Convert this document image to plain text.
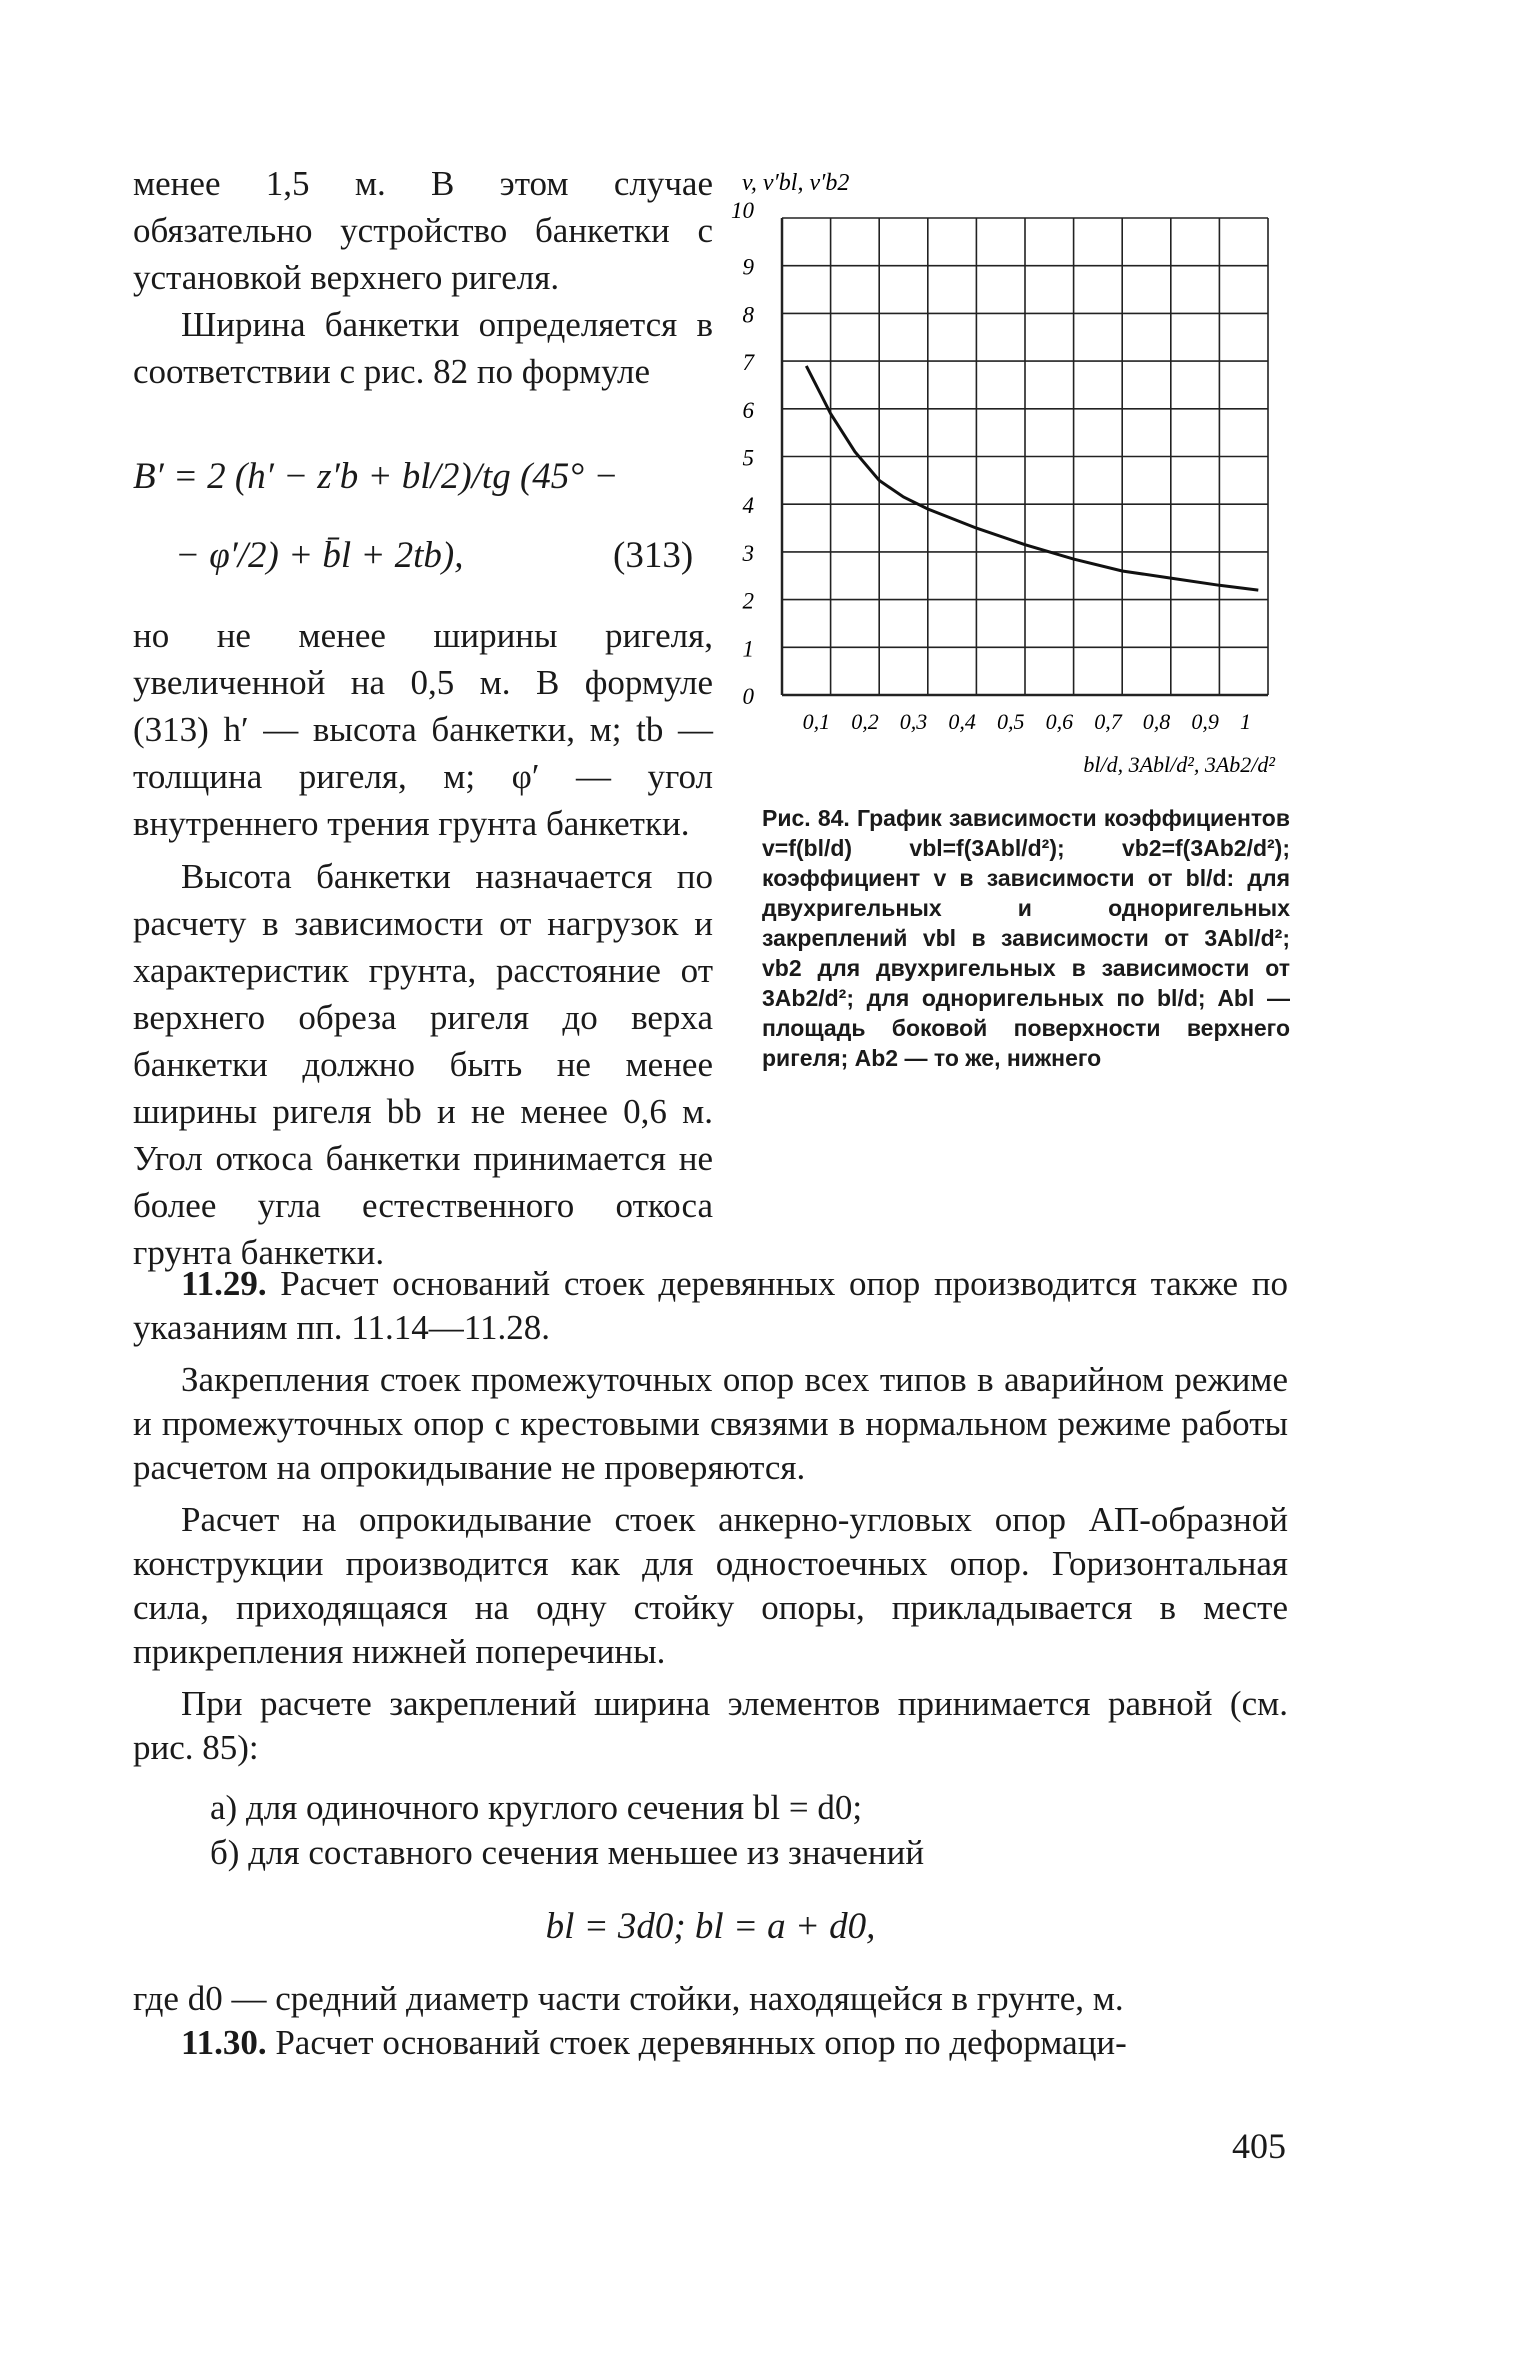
менее 1,5 м. В этом случае обязательно устройство банкетки с установкой верхнего ригеля.

Ширина банкетки определяется в соответствии с рис. 82 по формуле

B′ = 2 (h′ − z′b + bl/2)/tg (45° −
− φ′/2) + b̄l + 2tb),	(313)

но не менее ширины ригеля, увеличенной на 0,5 м. В формуле (313) h′ — высота банкетки, м; tb — толщина ригеля, м; φ′ — угол внутреннего трения грунта банкетки.

Высота банкетки назначается по расчету в зависимости от нагрузок и характеристик грунта, расстояние от верхнего обреза ригеля до верха банкетки должно быть не менее ширины ригеля bb и не менее 0,6 м. Угол откоса банкетки принимается не более угла естественного откоса грунта банкетки.

v, v′bl, v′b2
bl/d, 3Abl/d², 3Ab2/d²
0
1
2
3
4
5
6
7
8
9
10
0,1 0,2 0,3 0,4 0,5 0,6 0,7 0,8 0,9 1

Рис. 84. График зависимости коэффициентов v=f(bl/d) vbl=f(3Abl/d²); vb2=f(3Ab2/d²); коэффициент v в зависимости от bl/d: для двухригельных и одноригельных закреплений vbl в зависимости от 3Abl/d²; vb2 для двухригельных в зависимости от 3Ab2/d²; для одноригельных по bl/d; Abl — площадь боковой поверхности верхнего ригеля; Ab2 — то же, нижнего

11.29. Расчет оснований стоек деревянных опор производится также по указаниям пп. 11.14—11.28.

Закрепления стоек промежуточных опор всех типов в аварийном режиме и промежуточных опор с крестовыми связями в нормальном режиме работы расчетом на опрокидывание не проверяются.

Расчет на опрокидывание стоек анкерно-угловых опор АП-образной конструкции производится как для одностоечных опор. Горизонтальная сила, приходящаяся на одну стойку опоры, прикладывается в месте прикрепления нижней поперечины.

При расчете закреплений ширина элементов принимается равной (см. рис. 85):

а) для одиночного круглого сечения bl = d0;
б) для составного сечения меньшее из значений
bl = 3d0; bl = a + d0,

где d0 — средний диаметр части стойки, находящейся в грунте, м.

11.30. Расчет оснований стоек деревянных опор по деформаци-

405
